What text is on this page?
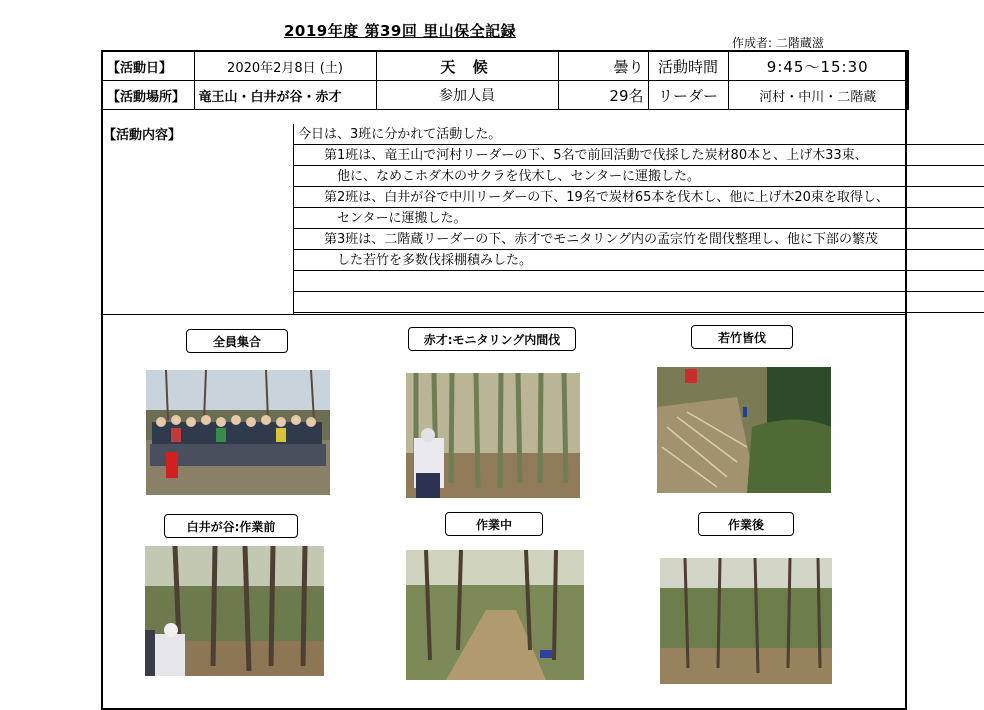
2019年度 第39回 里山保全記録
作成者: 二階蔵滋
【活動日】	2020年2月8日 (土)	天 候	曇り	活動時間	9:45〜15:30
【活動場所】	竜王山・白井が谷・赤才	参加人員	29名	リーダー	河村・中川・二階蔵
【活動内容】	今日は、3班に分かれて活動した。
　　第1班は、竜王山で河村リーダーの下、5名で前回活動で伐採した炭材80本と、上げ木33束、
　　　他に、なめこホダ木のサクラを伐木し、センターに運搬した。
　　第2班は、白井が谷で中川リーダーの下、19名で炭材65本を伐木し、他に上げ木20束を取得し、
　　　センターに運搬した。
　　第3班は、二階蔵リーダーの下、赤才でモニタリング内の孟宗竹を間伐整理し、他に下部の繁茂
　　　した若竹を多数伐採棚積みした。
全員集合	赤才:モニタリング内間伐	若竹皆伐
白井が谷:作業前	作業中	作業後
